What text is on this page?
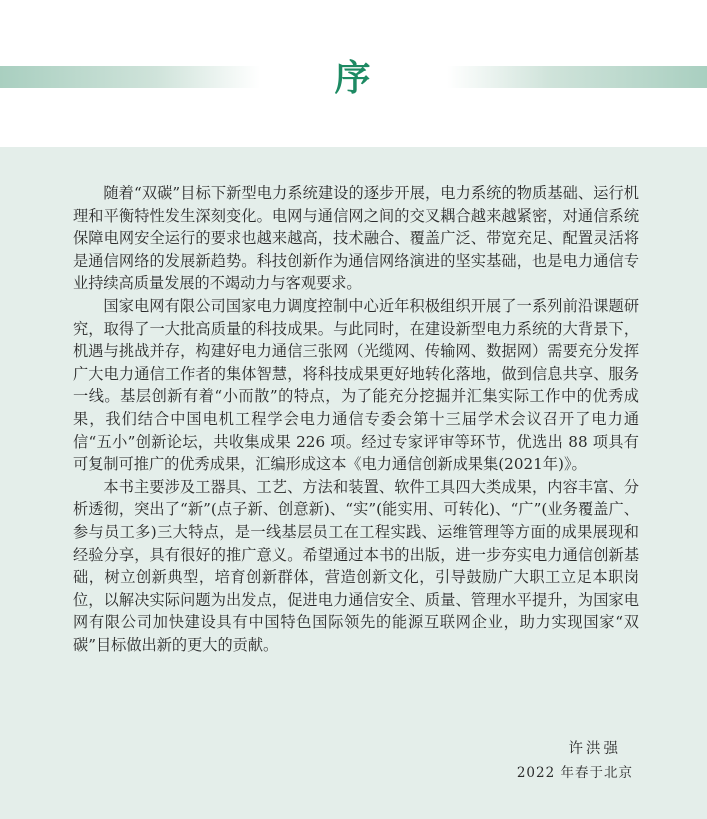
序

随着“双碳”目标下新型电力系统建设的逐步开展，电力系统的物质基础、运行机理和平衡特性发生深刻变化。电网与通信网之间的交叉耦合越来越紧密，对通信系统保障电网安全运行的要求也越来越高，技术融合、覆盖广泛、带宽充足、配置灵活将是通信网络的发展新趋势。科技创新作为通信网络演进的坚实基础，也是电力通信专业持续高质量发展的不竭动力与客观要求。

国家电网有限公司国家电力调度控制中心近年积极组织开展了一系列前沿课题研究，取得了一大批高质量的科技成果。与此同时，在建设新型电力系统的大背景下，机遇与挑战并存，构建好电力通信三张网（光缆网、传输网、数据网）需要充分发挥广大电力通信工作者的集体智慧，将科技成果更好地转化落地，做到信息共享、服务一线。基层创新有着“小而散”的特点，为了能充分挖掘并汇集实际工作中的优秀成果，我们结合中国电机工程学会电力通信专委会第十三届学术会议召开了电力通信“五小”创新论坛，共收集成果 226 项。经过专家评审等环节，优选出 88 项具有可复制可推广的优秀成果，汇编形成这本《电力通信创新成果集(2021年)》。

本书主要涉及工器具、工艺、方法和装置、软件工具四大类成果，内容丰富、分析透彻，突出了“新”(点子新、创意新)、“实”(能实用、可转化)、“广”(业务覆盖广、参与员工多)三大特点，是一线基层员工在工程实践、运维管理等方面的成果展现和经验分享，具有很好的推广意义。希望通过本书的出版，进一步夯实电力通信创新基础，树立创新典型，培育创新群体，营造创新文化，引导鼓励广大职工立足本职岗位，以解决实际问题为出发点，促进电力通信安全、质量、管理水平提升，为国家电网有限公司加快建设具有中国特色国际领先的能源互联网企业，助力实现国家“双碳”目标做出新的更大的贡献。

许洪强
2022 年春于北京
